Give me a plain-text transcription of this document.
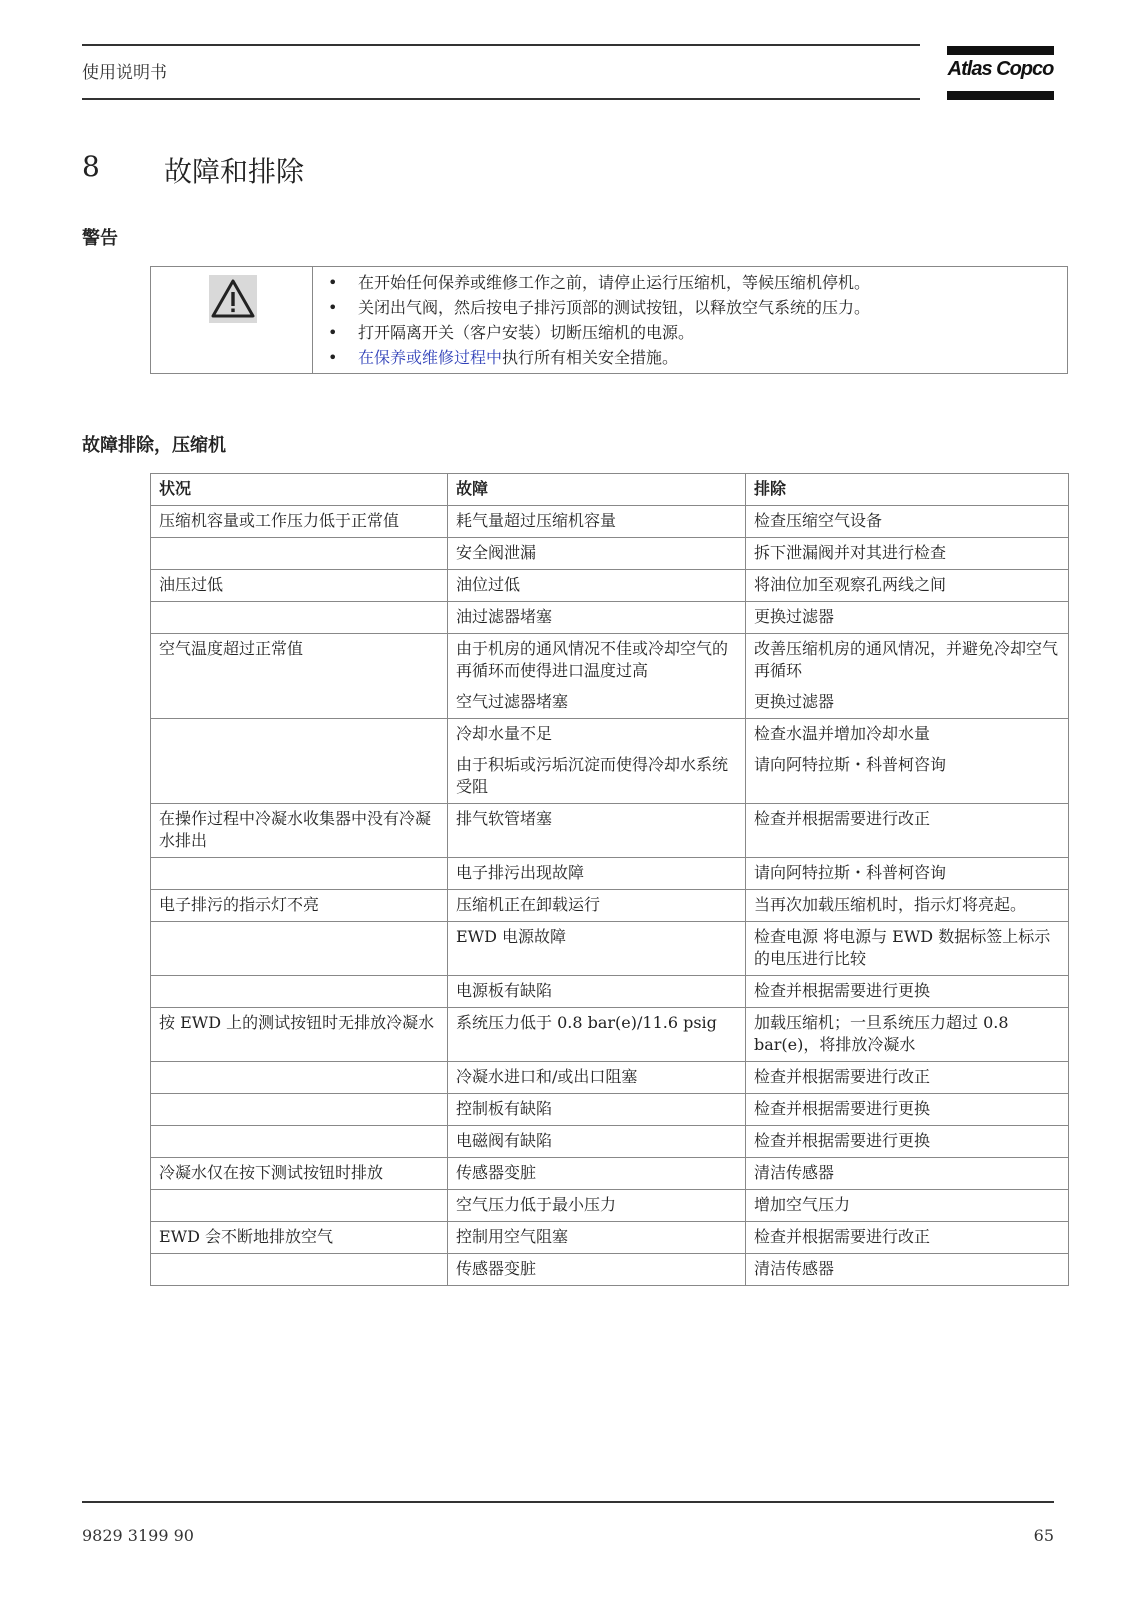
使用说明书	Atlas Copco
8 故障和排除
警告
• 在开始任何保养或维修工作之前，请停止运行压缩机，等候压缩机停机。
• 关闭出气阀，然后按电子排污顶部的测试按钮，以释放空气系统的压力。
• 打开隔离开关（客户安装）切断压缩机的电源。
• 在保养或维修过程中执行所有相关安全措施。
故障排除，压缩机
状况	故障	排除
压缩机容量或工作压力低于正常值	耗气量超过压缩机容量	检查压缩空气设备
	安全阀泄漏	拆下泄漏阀并对其进行检查
油压过低	油位过低	将油位加至观察孔两线之间
	油过滤器堵塞	更换过滤器
空气温度超过正常值	由于机房的通风情况不佳或冷却空气的再循环而使得进口温度过高	改善压缩机房的通风情况，并避免冷却空气再循环
	空气过滤器堵塞	更换过滤器
	冷却水量不足	检查水温并增加冷却水量
	由于积垢或污垢沉淀而使得冷却水系统受阻	请向阿特拉斯・科普柯咨询
在操作过程中冷凝水收集器中没有冷凝水排出	排气软管堵塞	检查并根据需要进行改正
	电子排污出现故障	请向阿特拉斯・科普柯咨询
电子排污的指示灯不亮	压缩机正在卸载运行	当再次加载压缩机时，指示灯将亮起。
	EWD 电源故障	检查电源 将电源与 EWD 数据标签上标示的电压进行比较
	电源板有缺陷	检查并根据需要进行更换
按 EWD 上的测试按钮时无排放冷凝水	系统压力低于 0.8 bar(e)/11.6 psig	加载压缩机；一旦系统压力超过 0.8 bar(e)，将排放冷凝水
	冷凝水进口和/或出口阻塞	检查并根据需要进行改正
	控制板有缺陷	检查并根据需要进行更换
	电磁阀有缺陷	检查并根据需要进行更换
冷凝水仅在按下测试按钮时排放	传感器变脏	清洁传感器
	空气压力低于最小压力	增加空气压力
EWD 会不断地排放空气	控制用空气阻塞	检查并根据需要进行改正
	传感器变脏	清洁传感器
9829 3199 90	65
